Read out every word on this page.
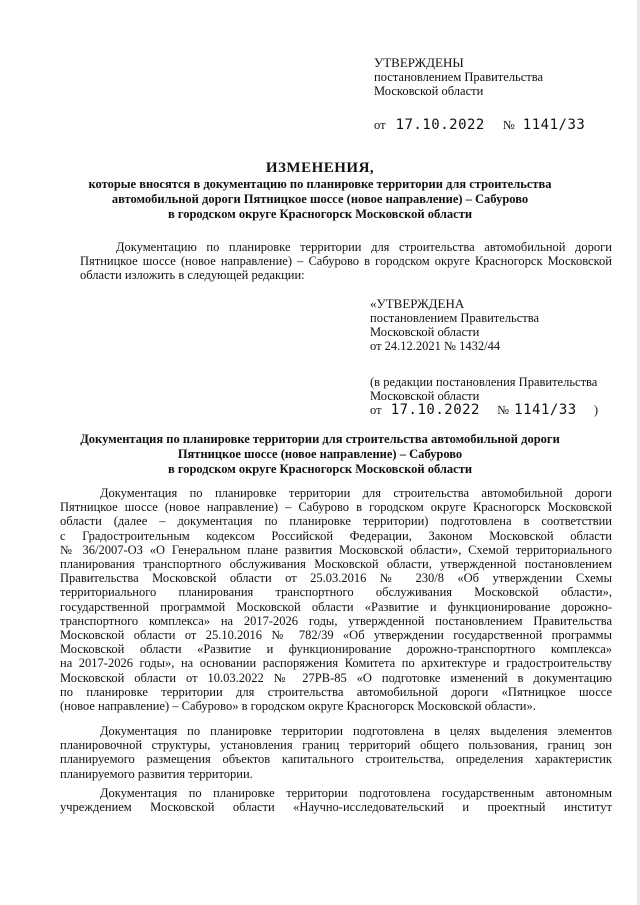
УТВЕРЖДЕНЫ
постановлением Правительства
Московской области
от 17.10.2022 № 1141/33
ИЗМЕНЕНИЯ,
которые вносятся в документацию по планировке территории для строительства
автомобильной дороги Пятницкое шоссе (новое направление) – Сабурово
в городском округе Красногорск Московской области
Документацию по планировке территории для строительства автомобильной дороги
Пятницкое шоссе (новое направление) – Сабурово в городском округе Красногорск Московской
области изложить в следующей редакции:
«УТВЕРЖДЕНА
постановлением Правительства
Московской области
от 24.12.2021 № 1432/44
(в редакции постановления Правительства
Московской области
от 17.10.2022 № 1141/33 )
Документация по планировке территории для строительства автомобильной дороги
Пятницкое шоссе (новое направление) – Сабурово
в городском округе Красногорск Московской области
Документация по планировке территории для строительства автомобильной дороги
Пятницкое шоссе (новое направление) – Сабурово в городском округе Красногорск Московской
области (далее – документация по планировке территории) подготовлена в соответствии
с Градостроительным кодексом Российской Федерации, Законом Московской области
№ 36/2007-ОЗ «О Генеральном плане развития Московской области», Схемой территориального
планирования транспортного обслуживания Московской области, утвержденной постановлением
Правительства Московской области от 25.03.2016 № 230/8 «Об утверждении Схемы
территориального планирования транспортного обслуживания Московской области»,
государственной программой Московской области «Развитие и функционирование дорожно-
транспортного комплекса» на 2017-2026 годы, утвержденной постановлением Правительства
Московской области от 25.10.2016 № 782/39 «Об утверждении государственной программы
Московской области «Развитие и функционирование дорожно-транспортного комплекса»
на 2017-2026 годы», на основании распоряжения Комитета по архитектуре и градостроительству
Московской области от 10.03.2022 № 27РВ-85 «О подготовке изменений в документацию
по планировке территории для строительства автомобильной дороги «Пятницкое шоссе
(новое направление) – Сабурово» в городском округе Красногорск Московской области».
Документация по планировке территории подготовлена в целях выделения элементов
планировочной структуры, установления границ территорий общего пользования, границ зон
планируемого размещения объектов капитального строительства, определения характеристик
планируемого развития территории.
Документация по планировке территории подготовлена государственным автономным
учреждением Московской области «Научно-исследовательский и проектный институт
